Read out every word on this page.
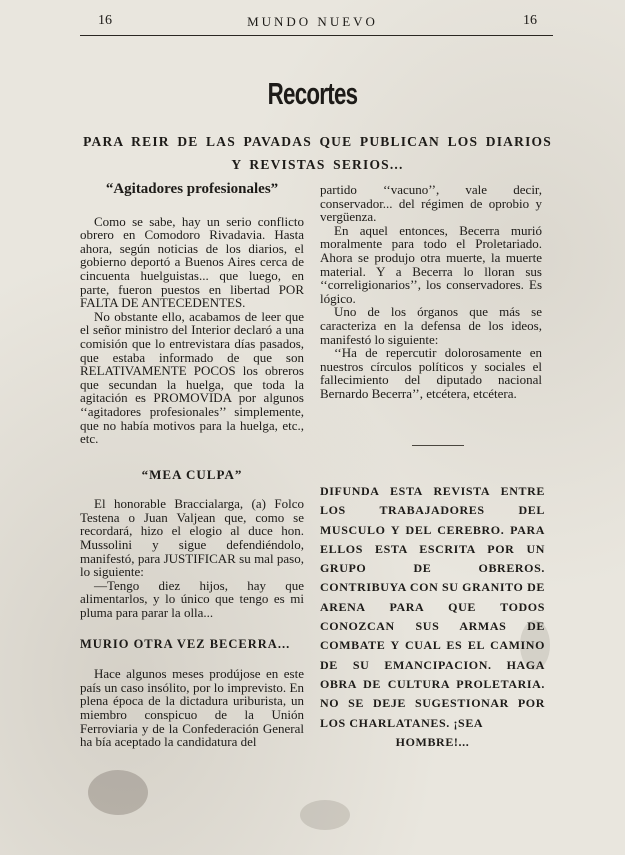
16	MUNDO NUEVO	16
Recortes
PARA REIR DE LAS PAVADAS QUE PUBLICAN LOS DIARIOS
Y REVISTAS SERIOS...
“Agitadores profesionales”

Como se sabe, hay un serio conflicto obrero en Comodoro Rivadavia. Hasta ahora, según noticias de los diarios, el gobierno deportó a Buenos Aires cerca de cincuenta huelguistas... que luego, en parte, fueron puestos en libertad POR FALTA DE ANTECEDENTES.

No obstante ello, acabamos de leer que el señor ministro del Interior declaró a una comisión que lo entrevistara días pasados, que estaba informado de que son RELATIVAMENTE POCOS los obreros que secundan la huelga, que toda la agitación es PROMOVIDA por algunos ‘‘agitadores profesionales’’ simplemente, que no había motivos para la huelga, etc., etc.

“MEA CULPA”

El honorable Braccialarga, (a) Folco Testena o Juan Valjean que, como se recordará, hizo el elogio al duce hon. Mussolini y sigue defendiéndolo, manifestó, para JUSTIFICAR su mal paso, lo siguiente:

—Tengo diez hijos, hay que alimentarlos, y lo único que tengo es mi pluma para parar la olla...

MURIO OTRA VEZ BECERRA...

Hace algunos meses prodújose en este país un caso insólito, por lo imprevisto. En plena época de la dictadura uriburista, un miembro conspicuo de la Unión Ferroviaria y de la Confederación General ha bía aceptado la candidatura del

partido ‘‘vacuno’’, vale decir, conservador... del régimen de oprobio y vergüenza.

En aquel entonces, Becerra murió moralmente para todo el Proletariado. Ahora se produjo otra muerte, la muerte material. Y a Becerra lo lloran sus ‘‘correligionarios’’, los conservadores. Es lógico.

Uno de los órganos que más se caracteriza en la defensa de los ideos, manifestó lo siguiente:

‘‘Ha de repercutir dolorosamente en nuestros círculos políticos y sociales el fallecimiento del diputado nacional Bernardo Becerra’’, etcétera, etcétera.

DIFUNDA ESTA REVISTA ENTRE LOS TRABAJADORES DEL MUSCULO Y DEL CEREBRO. PARA ELLOS ESTA ESCRITA POR UN GRUPO DE OBREROS. CONTRIBUYA CON SU GRANITO DE ARENA PARA QUE TODOS CONOZCAN SUS ARMAS DE COMBATE Y CUAL ES EL CAMINO DE SU EMANCIPACION. HAGA OBRA DE CULTURA PROLETARIA. NO SE DEJE SUGESTIONAR POR LOS CHARLATANES. ¡SEA
HOMBRE!...
